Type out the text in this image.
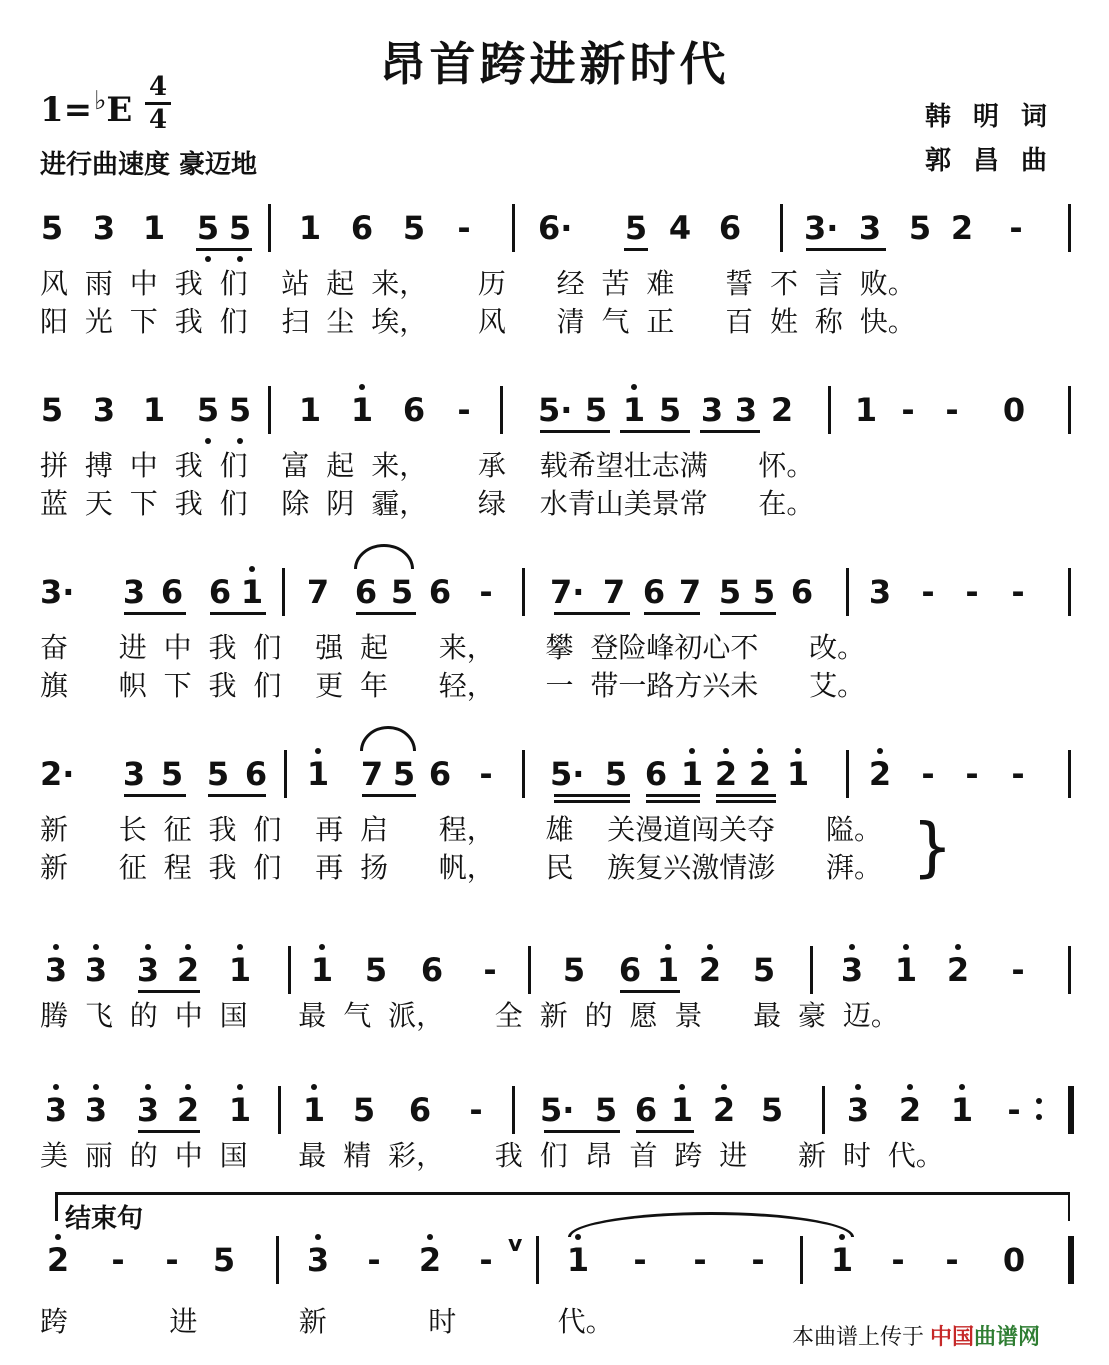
昂首跨进新时代
1=♭E
4
4
进行曲速度 豪迈地
韩明词
郭昌曲
5 3 1 5 5 1 6 5 - 6· 5 4 6 3· 3 5 2 -
风 雨 中 我 们  站 起 来，   历   经 苦 难   誓 不 言 败。
阳 光 下 我 们  扫 尘 埃，   风   清 气 正   百 姓 称 快。
5 3 1 5 5 1 1 6 - 5· 5 1 5 3 3 2 1 - - 0
拼 搏 中 我 们  富 起 来，   承  载希望壮志满   怀。
蓝 天 下 我 们  除 阴 霾，   绿  水青山美景常   在。
3· 3 6 6 1 7 6 5 6 - 7· 7 6 7 5 5 6 3 - - -
奋   进 中 我 们  强 起   来，   攀 登险峰初心不   改。
旗   帜 下 我 们  更 年   轻，   一 带一路方兴未   艾。
2· 3 5 5 6 1 7 5 6 - 5· 5 6 1 2 2 1 2 - - -
新   长 征 我 们  再 启   程，   雄  关漫道闯关夺   隘。
新   征 程 我 们  再 扬   帆，   民  族复兴激情澎   湃。
3 3 3 2 1 1 5 6 - 5 6 1 2 5 3 1 2 -
腾 飞 的 中 国   最 气 派，   全 新 的 愿 景   最 豪 迈。
3 3 3 2 1 1 5 6 - 5· 5 6 1 2 5 3 2 1 -
美 丽 的 中 国   最 精 彩，   我 们 昂 首 跨 进   新 时 代。
2 - - 5 3 - 2 - 1 - - - 1 - - 0
跨      进      新      时      代。
结束句
v
本曲谱上传于 中国曲谱网
}
